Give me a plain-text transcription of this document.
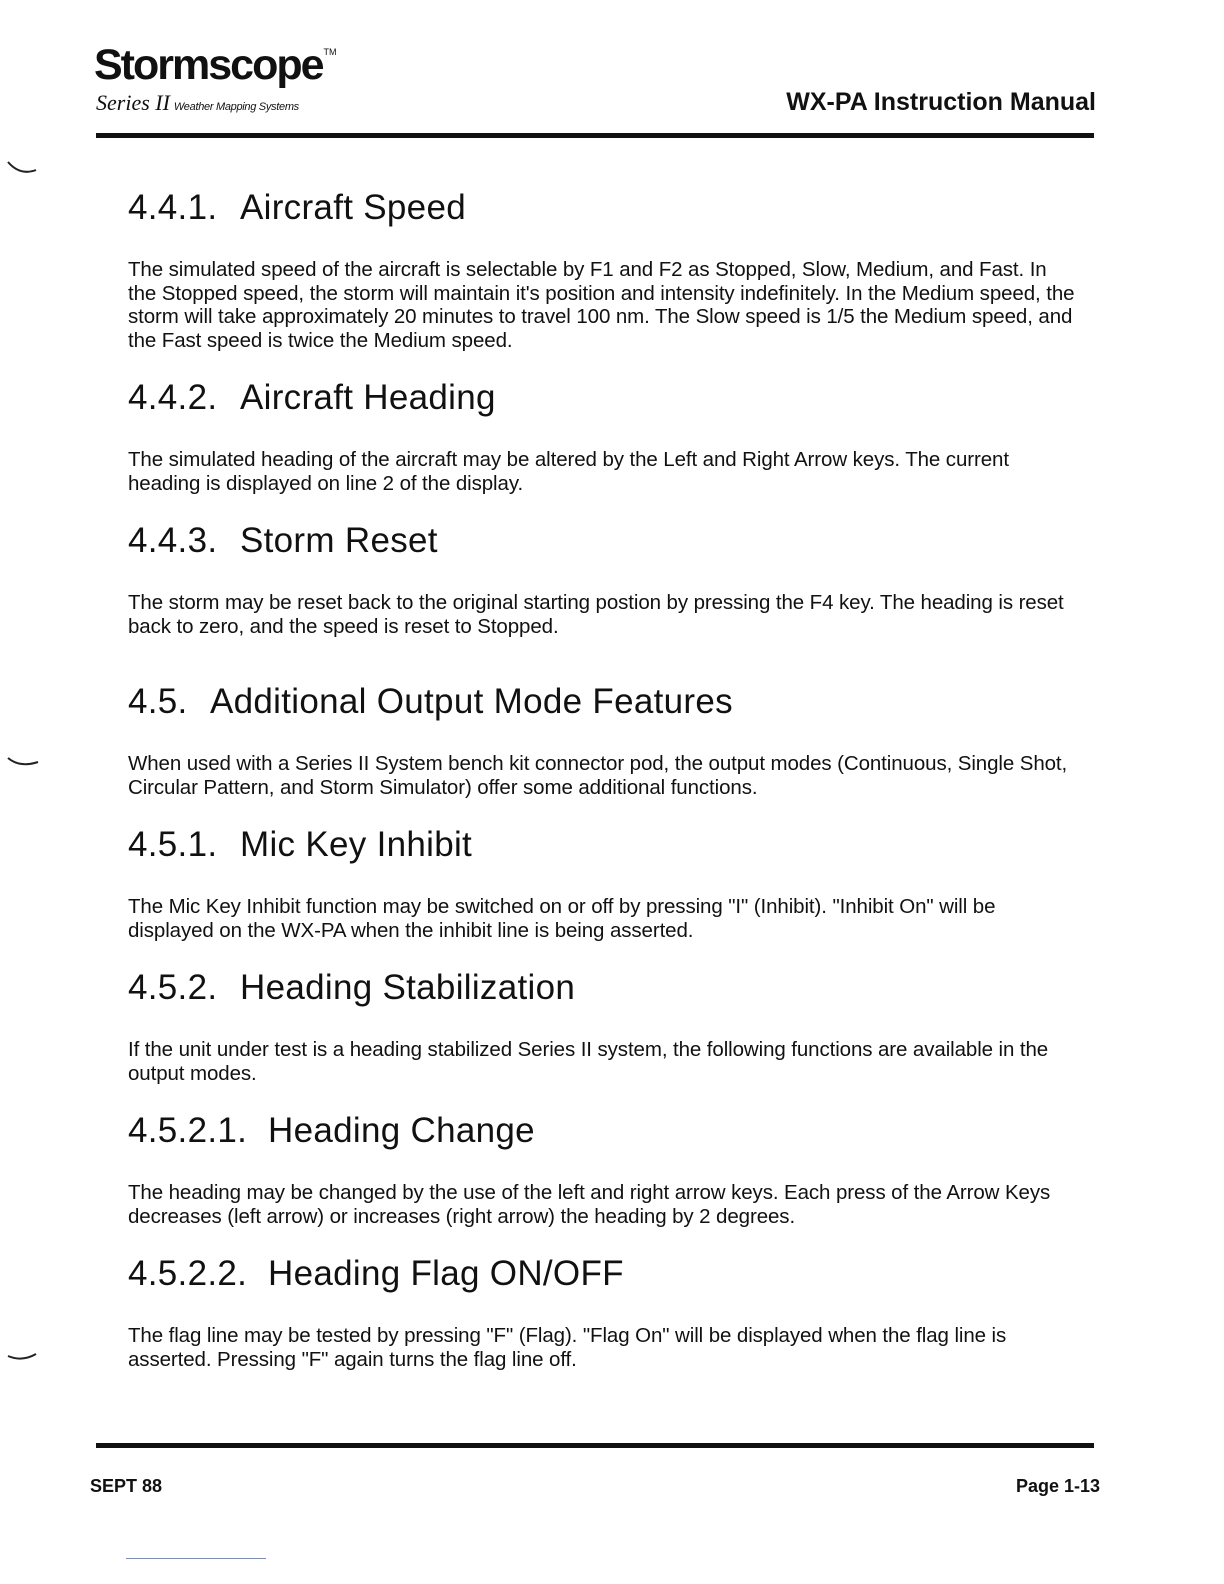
Stormscope TM
Series II Weather Mapping Systems	WX-PA Instruction Manual
4.4.1. Aircraft Speed

The simulated speed of the aircraft is selectable by F1 and F2 as Stopped, Slow, Medium, and Fast. In the Stopped speed, the storm will maintain it's position and intensity indefinitely. In the Medium speed, the storm will take approximately 20 minutes to travel 100 nm. The Slow speed is 1/5 the Medium speed, and the Fast speed is twice the Medium speed.

4.4.2. Aircraft Heading

The simulated heading of the aircraft may be altered by the Left and Right Arrow keys. The current heading is displayed on line 2 of the display.

4.4.3. Storm Reset

The storm may be reset back to the original starting postion by pressing the F4 key. The heading is reset back to zero, and the speed is reset to Stopped.

4.5. Additional Output Mode Features

When used with a Series II System bench kit connector pod, the output modes (Continuous, Single Shot, Circular Pattern, and Storm Simulator) offer some additional functions.

4.5.1. Mic Key Inhibit

The Mic Key Inhibit function may be switched on or off by pressing "I" (Inhibit). "Inhibit On" will be displayed on the WX-PA when the inhibit line is being asserted.

4.5.2. Heading Stabilization

If the unit under test is a heading stabilized Series II system, the following functions are available in the output modes.

4.5.2.1. Heading Change

The heading may be changed by the use of the left and right arrow keys. Each press of the Arrow Keys decreases (left arrow) or increases (right arrow) the heading by 2 degrees.

4.5.2.2. Heading Flag ON/OFF

The flag line may be tested by pressing "F" (Flag). "Flag On" will be displayed when the flag line is asserted. Pressing "F" again turns the flag line off.

SEPT 88	Page 1-13
